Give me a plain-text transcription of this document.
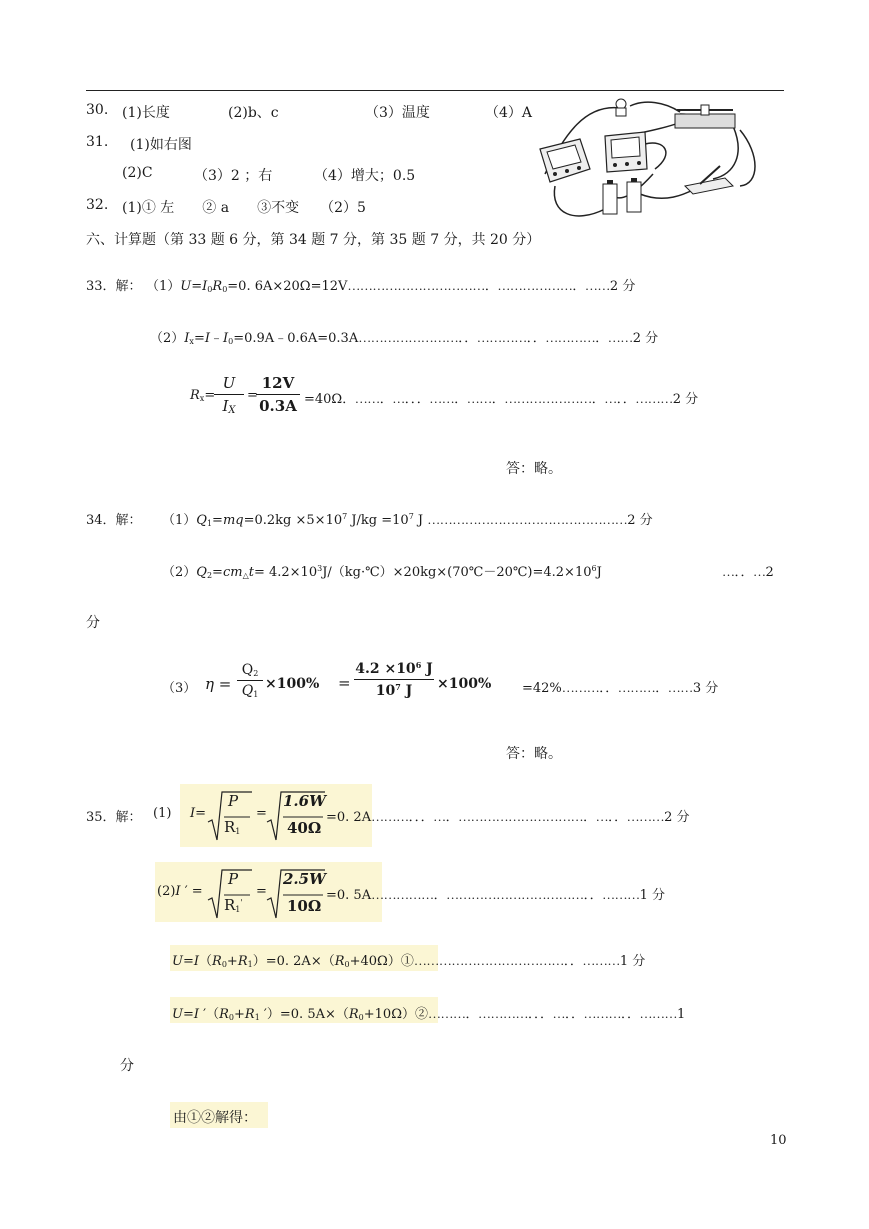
30. (1)长度	(2)b、c	（3）温度	（4）A
31. (1)如右图
(2)C	（3）2 ；右	（4）增大；0.5
32. (1)① 左　　② a　　③不变　　（2）5
六、计算题（第 33 题 6 分，第 34 题 7 分，第 35 题 7 分，共 20 分）
33．解： $(1)U=I_0R_0=0$. 6A×20Ω=12V……………………………．………………．……2 分
$(2)I_x=I﹣I_0=0.9A﹣0.6A=0.3A\dots\dots\dots\dots\dots\dots\dots\dots$．．…………．．…………．……2 分
$R_x=$
U
$I_X$
=
12V
0.3A =40Ω．……．…．．．……．……．…………………．…．．………2 分
答：略。
34．解： $(1)Q_1=mq=0.2kg \times 5\times 10^7$ $J/kg =10^7$ J …………………………………………2 分
$(2)Q_2=cm_\triangle t=$ $4.2\times 10^3J/(kg\cdot℃)\times 20kg\times(70℃-20℃)=4.2\times 10^6J$	…．．…2
分
（3） η =
$Q_2$
$Q_1$
×100% =
$4.2 \times 10^6$ J
$10^7$ J	×100% =42%………．．………．……3 分
答：略。
35．解： (1) I=
P
$R_1$
=
1.6W
40Ω
=0. 2A………．．．…．…………………………．…．．………2 分
(2)I ′ =
P
$R_1'$
=
2.5W
10Ω
=0. 5A……………．……………………………．．………1 分
$U=I(R_0+R_1)=0$. $2A\times(R_0+40\Omega)①\dots\dots\dots\dots\dots\dots\dots\dots\dots\dots\dots\dots$．．………1 分
U=I $'(R_0+R_1$ ′）=0. $5A\times(R_0+10\Omega)②\dots\dots\dots$．…………．．．…．．………．．………1
分
由①②解得：
10
